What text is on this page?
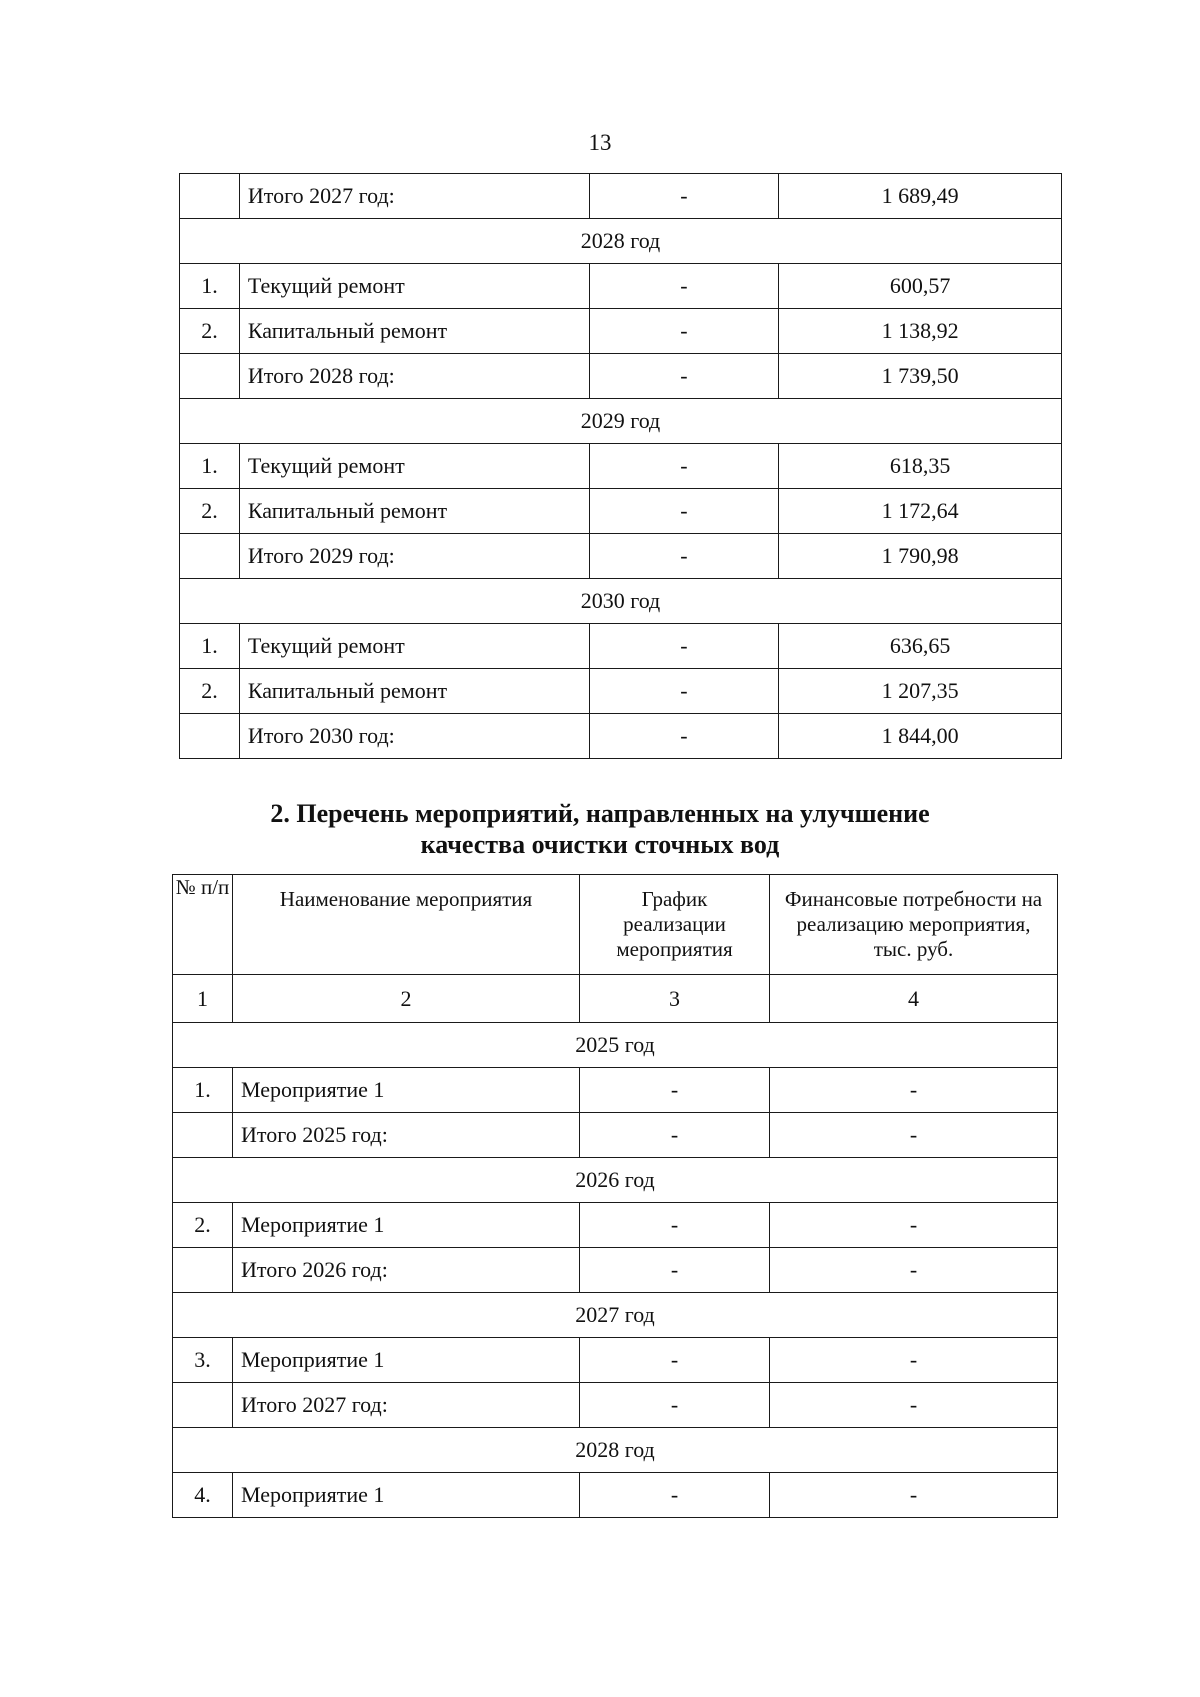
13
	Итого 2027 год:	-	1 689,49
2028 год			
1.	Текущий ремонт	-	600,57
2.	Капитальный ремонт	-	1 138,92
	Итого 2028 год:	-	1 739,50
2029 год			
1.	Текущий ремонт	-	618,35
2.	Капитальный ремонт	-	1 172,64
	Итого 2029 год:	-	1 790,98
2030 год			
1.	Текущий ремонт	-	636,65
2.	Капитальный ремонт	-	1 207,35
	Итого 2030 год:	-	1 844,00
2. Перечень мероприятий, направленных на улучшение
качества очистки сточных вод
№ п/п	Наименование мероприятия	График реализации мероприятия	Финансовые потребности на реализацию мероприятия, тыс. руб.
1	2	3	4
2025 год			
1.	Мероприятие 1	-	-
	Итого 2025 год:	-	-
2026 год			
2.	Мероприятие 1	-	-
	Итого 2026 год:	-	-
2027 год			
3.	Мероприятие 1	-	-
	Итого 2027 год:	-	-
2028 год			
4.	Мероприятие 1	-	-
